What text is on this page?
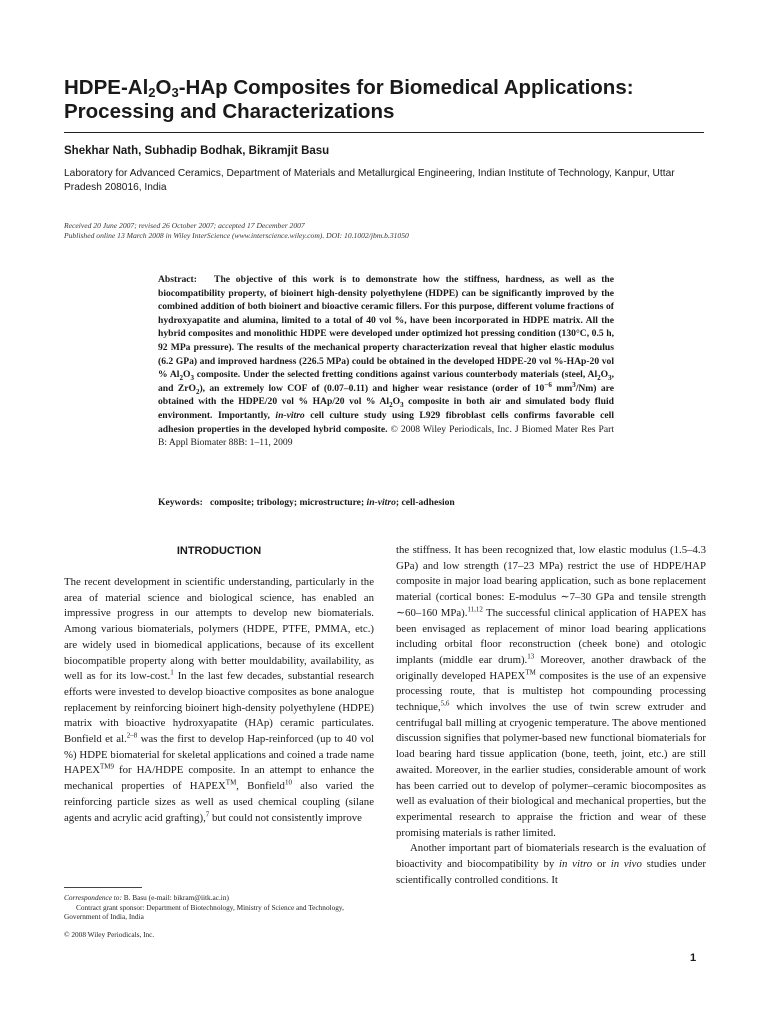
HDPE-$Al_2O_3$-HAp Composites for Biomedical Applications:
Processing and Characterizations
Shekhar Nath, Subhadip Bodhak, Bikramjit Basu
Laboratory for Advanced Ceramics, Department of Materials and Metallurgical Engineering, Indian Institute of Technology, Kanpur, Uttar Pradesh 208016, India
Received 20 June 2007; revised 26 October 2007; accepted 17 December 2007
Published online 13 March 2008 in Wiley InterScience (www.interscience.wiley.com). DOI: 10.1002/jbm.b.31050
Abstract: The objective of this work is to demonstrate how the stiffness, hardness, as well as the biocompatibility property, of bioinert high-density polyethylene (HDPE) can be significantly improved by the combined addition of both bioinert and bioactive ceramic fillers. For this purpose, different volume fractions of hydroxyapatite and alumina, limited to a total of 40 vol %, have been incorporated in HDPE matrix. All the hybrid composites and monolithic HDPE were developed under optimized hot pressing condition (130°C, 0.5 h, 92 MPa pressure). The results of the mechanical property characterization reveal that higher elastic modulus (6.2 GPa) and improved hardness (226.5 MPa) could be obtained in the developed HDPE-20 vol %-HAp-20 vol % $Al_2O_3$ composite. Under the selected fretting conditions against various counterbody materials (steel, $Al_2O_3$, and ZrO$_2$), an extremely low COF of (0.07–0.11) and higher wear resistance (order of $10^{-6}$ $mm^3/Nm$) are obtained with the HDPE/20 vol % HAp/20 vol % $Al_2O_3$ composite in both air and simulated body fluid environment. Importantly, in-vitro cell culture study using L929 fibroblast cells confirms favorable cell adhesion properties in the developed hybrid composite. © 2008 Wiley Periodicals, Inc. J Biomed Mater Res Part B: Appl Biomater 88B: 1–11, 2009
Keywords: composite; tribology; microstructure; in-vitro; cell-adhesion
INTRODUCTION

The recent development in scientific understanding, particularly in the area of material science and biological science, has enabled an impressive progress in our attempts to develop new biomaterials. Among various biomaterials, polymers (HDPE, PTFE, PMMA, etc.) are widely used in biomedical applications, because of its excellent biocompatible property along with better mouldability, availability, as well as for its low-cost.$^1$ In the last few decades, substantial research efforts were invested to develop bioactive composites as bone analogue replacement by reinforcing bioinert high-density polyethylene (HDPE) matrix with bioactive hydroxyapatite (HAp) ceramic particulates. Bonfield et al.$^{2-8}$ was the first to develop Hap-reinforced (up to 40 vol %) HDPE biomaterial for skeletal applications and coined a trade name $HAPEX^{TM9}$ for HA/HDPE composite. In an attempt to enhance the mechanical properties of HAPEX™, Bonfield$^{10}$ also varied the reinforcing particle sizes as well as used chemical coupling (silane agents and acrylic acid grafting),$^7$ but could not consistently improve

the stiffness. It has been recognized that, low elastic modulus (1.5–4.3 GPa) and low strength (17–23 MPa) restrict the use of HDPE/HAP composite in major load bearing application, such as bone replacement material (cortical bones: E-modulus ∼7–30 GPa and tensile strength ∼60–160 MPa).$^{11,12}$ The successful clinical application of HAPEX has been envisaged as replacement of minor load bearing applications including orbital floor reconstruction (cheek bone) and otologic implants (middle ear drum).$^{13}$ Moreover, another drawback of the originally developed HAPEX™ composites is the use of an expensive processing route, that is multistep hot compounding processing technique,$^{5,6}$ which involves the use of twin screw extruder and centrifugal ball milling at cryogenic temperature. The above mentioned discussion signifies that polymer-based new functional biomaterials for load bearing hard tissue application (bone, teeth, joint, etc.) are still awaited. Moreover, in the earlier studies, considerable amount of work has been carried out to develop of polymer–ceramic biocomposites as well as evaluation of their biological and mechanical properties, but the experimental research to appraise the friction and wear of these promising materials is rather limited.

Another important part of biomaterials research is the evaluation of bioactivity and biocompatibility by in vitro or in vivo studies under scientifically controlled conditions. It

Correspondence to: B. Basu (e-mail: bikram@iitk.ac.in)

Contract grant sponsor: Department of Biotechnology, Ministry of Science and Technology, Government of India, India

© 2008 Wiley Periodicals, Inc.
1
